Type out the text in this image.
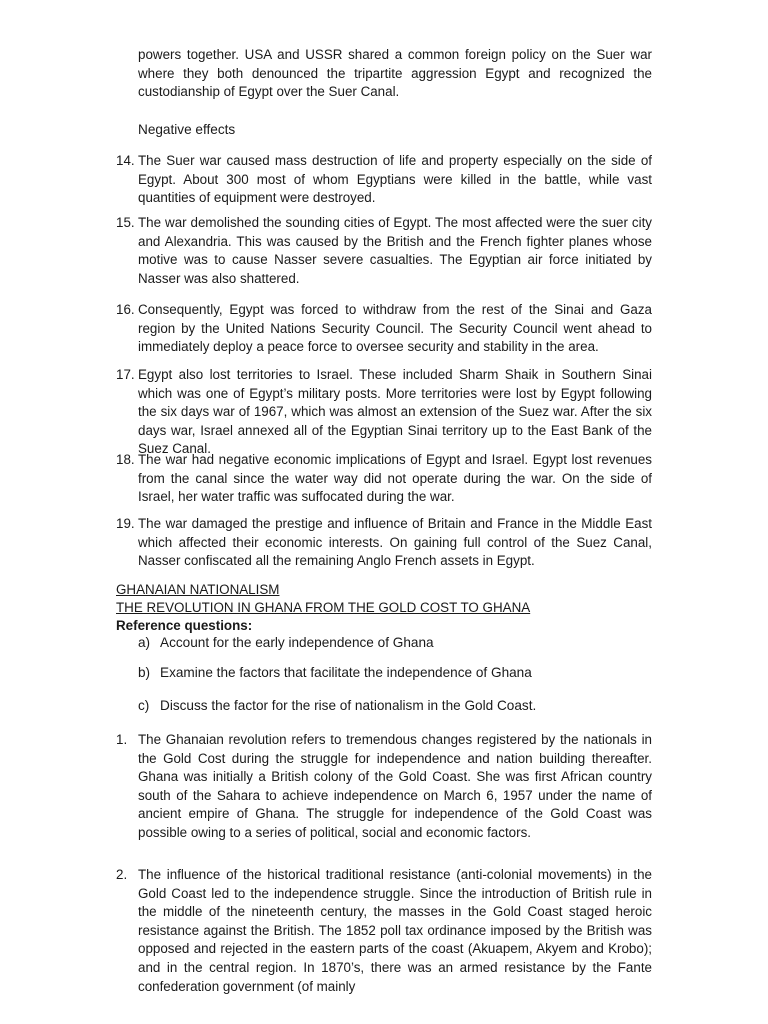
powers together. USA and USSR shared a common foreign policy on the Suer war where they both denounced the tripartite aggression Egypt and recognized the custodianship of Egypt over the Suer Canal.

Negative effects

14. The Suer war caused mass destruction of life and property especially on the side of Egypt. About 300 most of whom Egyptians were killed in the battle, while vast quantities of equipment were destroyed.

15. The war demolished the sounding cities of Egypt. The most affected were the suer city and Alexandria. This was caused by the British and the French fighter planes whose motive was to cause Nasser severe casualties. The Egyptian air force initiated by Nasser was also shattered.

16. Consequently, Egypt was forced to withdraw from the rest of the Sinai and Gaza region by the United Nations Security Council. The Security Council went ahead to immediately deploy a peace force to oversee security and stability in the area.

17. Egypt also lost territories to Israel. These included Sharm Shaik in Southern Sinai which was one of Egypt’s military posts. More territories were lost by Egypt following the six days war of 1967, which was almost an extension of the Suez war. After the six days war, Israel annexed all of the Egyptian Sinai territory up to the East Bank of the Suez Canal.

18. The war had negative economic implications of Egypt and Israel. Egypt lost revenues from the canal since the water way did not operate during the war. On the side of Israel, her water traffic was suffocated during the war.

19. The war damaged the prestige and influence of Britain and France in the Middle East which affected their economic interests. On gaining full control of the Suez Canal, Nasser confiscated all the remaining Anglo French assets in Egypt.

GHANAIAN NATIONALISM

THE REVOLUTION IN GHANA FROM THE GOLD COST TO GHANA

Reference questions:

a) Account for the early independence of Ghana

b) Examine the factors that facilitate the independence of Ghana

c) Discuss the factor for the rise of nationalism in the Gold Coast.

1. The Ghanaian revolution refers to tremendous changes registered by the nationals in the Gold Cost during the struggle for independence and nation building thereafter. Ghana was initially a British colony of the Gold Coast. She was first African country south of the Sahara to achieve independence on March 6, 1957 under the name of ancient empire of Ghana. The struggle for independence of the Gold Coast was possible owing to a series of political, social and economic factors.

2. The influence of the historical traditional resistance (anti-colonial movements) in the Gold Coast led to the independence struggle. Since the introduction of British rule in the middle of the nineteenth century, the masses in the Gold Coast staged heroic resistance against the British. The 1852 poll tax ordinance imposed by the British was opposed and rejected in the eastern parts of the coast (Akuapem, Akyem and Krobo); and in the central region. In 1870’s, there was an armed resistance by the Fante confederation government (of mainly
